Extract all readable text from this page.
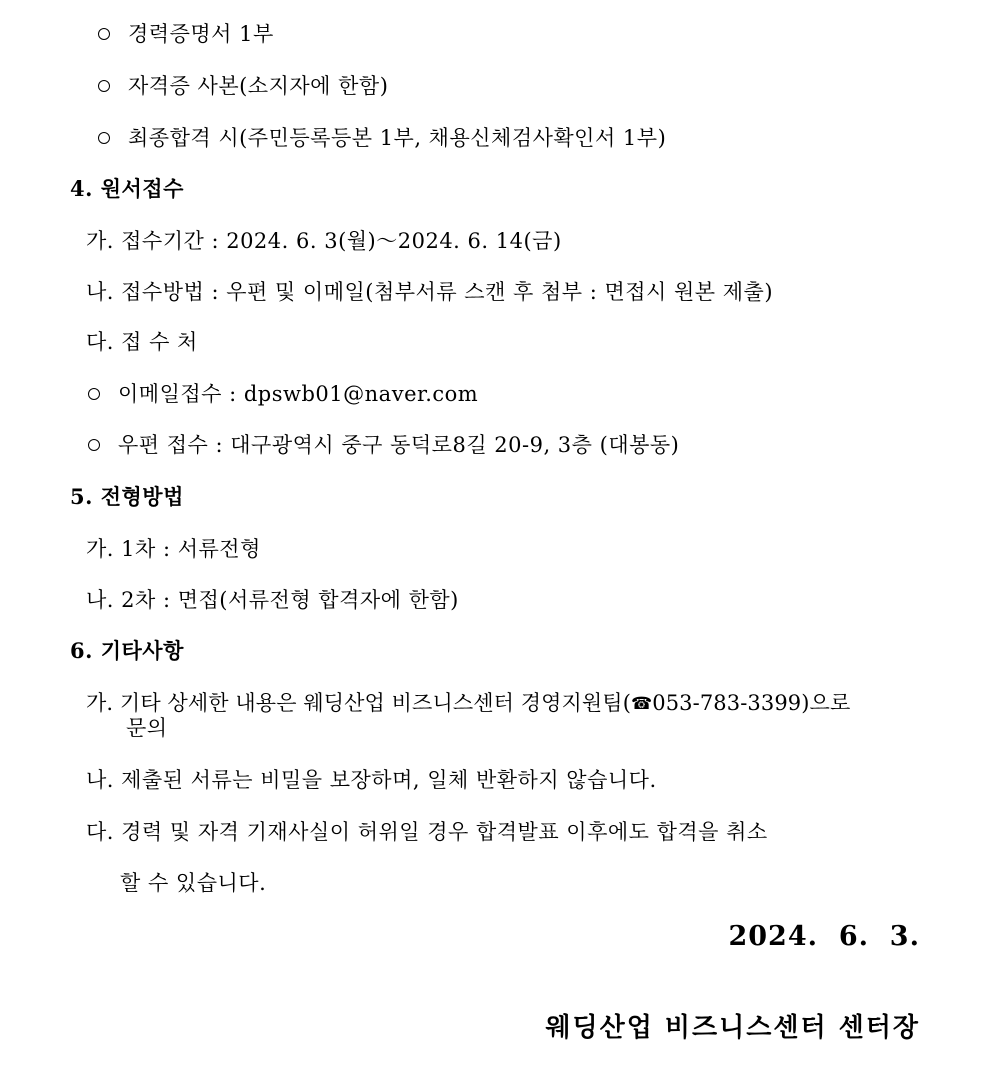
경력증명서 1부
자격증 사본(소지자에 한함)
최종합격 시(주민등록등본 1부, 채용신체검사확인서 1부)
4. 원서접수
가. 접수기간 : 2024. 6. 3(월)～2024. 6. 14(금)
나. 접수방법 : 우편 및 이메일(첨부서류 스캔 후 첨부 : 면접시 원본 제출)
다. 접 수 처
이메일접수 : dpswb01@naver.com
우편 접수 : 대구광역시 중구 동덕로8길 20-9, 3층 (대봉동)
5. 전형방법
가. 1차 : 서류전형
나. 2차 : 면접(서류전형 합격자에 한함)
6. 기타사항
가. 기타 상세한 내용은 웨딩산업 비즈니스센터 경영지원팀(☎053-783-3399)으로
문의
나. 제출된 서류는 비밀을 보장하며, 일체 반환하지 않습니다.
다. 경력 및 자격 기재사실이 허위일 경우 합격발표 이후에도 합격을 취소
할 수 있습니다.
2024.  6.  3.
웨딩산업 비즈니스센터 센터장
